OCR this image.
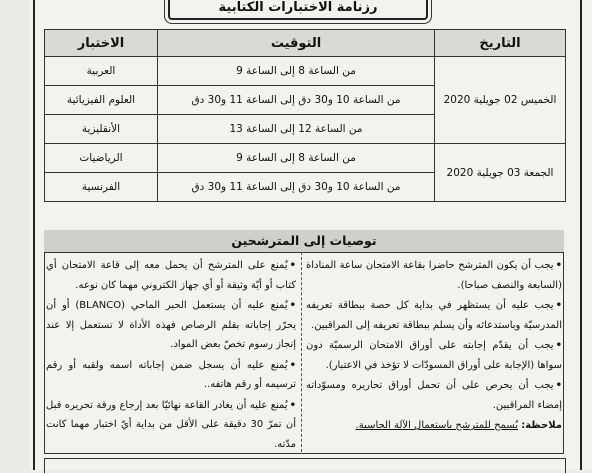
رزنامة الاختبارات الكتابية
التاريخ	التوقيت	الاختبار
الخميس 02 جويلية 2020	من الساعة 8 إلى الساعة 9	العربية
	من الساعة 10 و30 دق إلى الساعة 11 و30 دق	العلوم الفيزيائية
	من الساعة 12 إلى الساعة 13	الأنقليزية
الجمعة 03 جويلية 2020	من الساعة 8 إلى الساعة 9	الرياضيات
	من الساعة 10 و30 دق إلى الساعة 11 و30 دق	الفرنسية
توصيات إلى المترشحين
•يجب أن يكون المترشح حاضرا بقاعة الامتحان ساعة المناداة (السابعة والنصف صباحا).
•يجب عليه أن يستظهر في بداية كل حصة ببطاقة تعريفه المدرسيّة وباستدعائه وأن يسلم ببطاقة تعريفه إلى المراقبين.
•يجب أن يقدّم إجابته على أوراق الامتحان الرسميّة دون سواها (الإجابة على أوراق المسودّات لا تؤخذ في الاعتبار).
•يجب أن يحرص على أن تحمل أوراق تحاريره ومسوّداته إمضاء المراقبين.
ملاحظة: يُسمح للمترشح باستعمال الآلة الحاسبة.
•يُمنع على المترشح أن يحمل معه إلى قاعة الامتحان أي كتاب أو أيّة وثيقة أو أي جهاز الكتروني مهما كان نوعه.
•يُمنع عليه أن يستعمل الحبر الماحي (BLANCO) أو أن يحرّر إجاباته بقلم الرصاص فهذه الأداة لا تستعمل إلا عند إنجاز رسوم تخصّ بعض المواد.
•يُمنع عليه أن يسجل ضمن إجاباته اسمه ولقبه أو رقم ترسيمه أو رقم هاتفه..
•يُمنع عليه أن يغادر القاعة نهائيّا بعد إرجاع ورقة تحريره قبل أن تمرّ 30 دقيقة على الأقل من بداية أيّ اختبار مهما كانت مدّته.
